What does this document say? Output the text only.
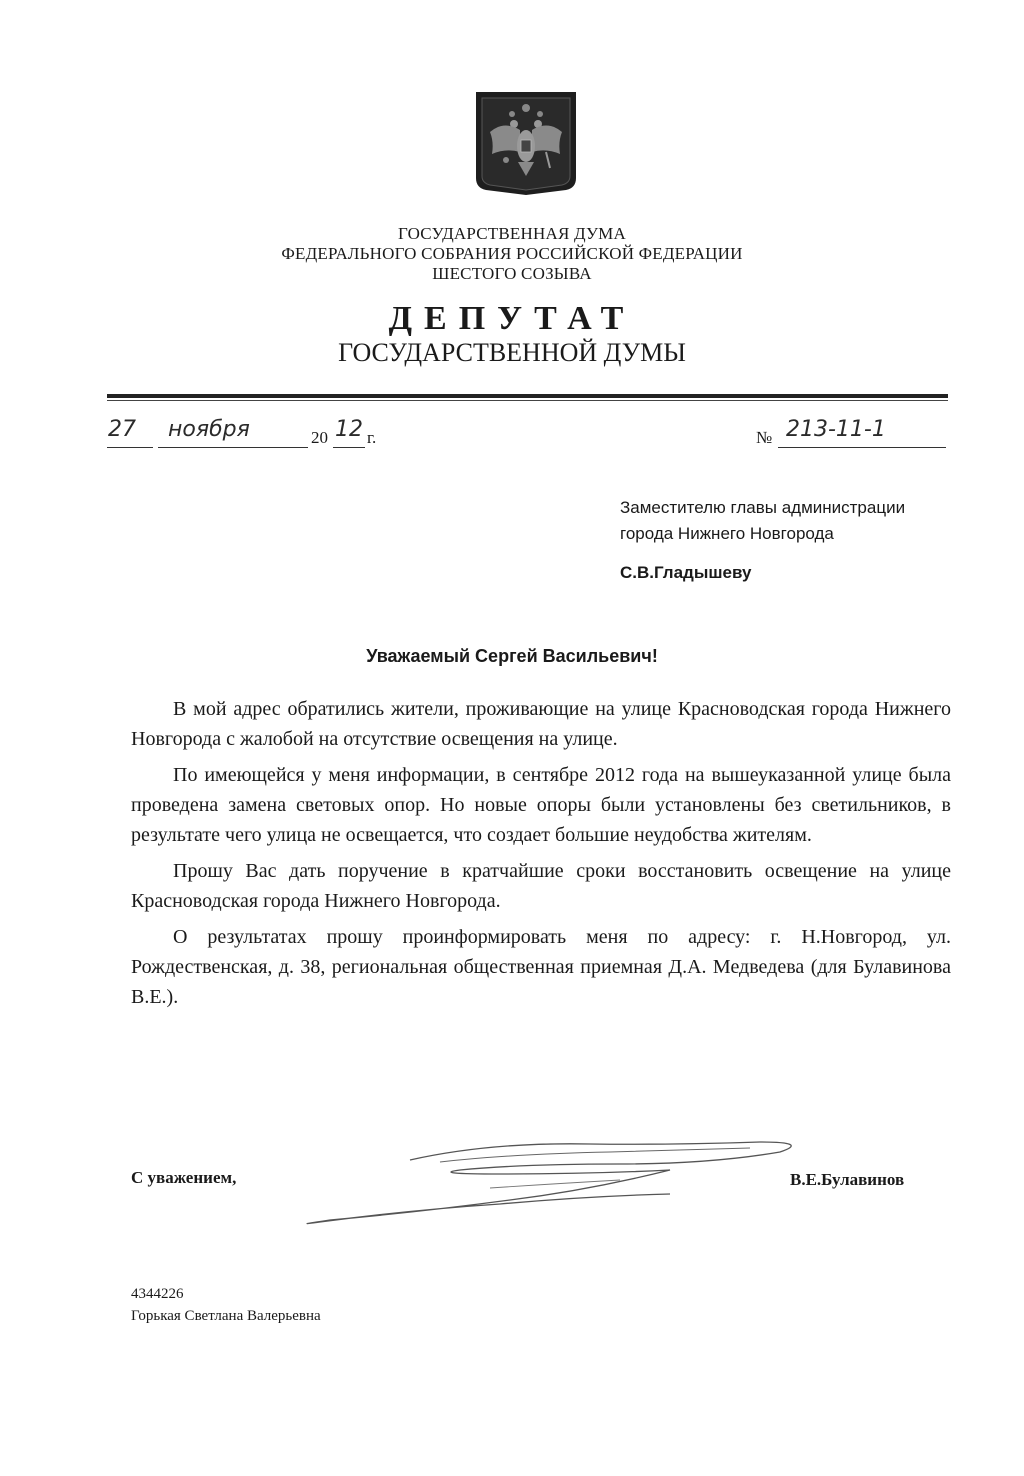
ГОСУДАРСТВЕННАЯ ДУМА
ФЕДЕРАЛЬНОГО СОБРАНИЯ РОССИЙСКОЙ ФЕДЕРАЦИИ
ШЕСТОГО СОЗЫВА
ДЕПУТАТ
ГОСУДАРСТВЕННОЙ ДУМЫ
27 ноября	20 12 г.	№ 213-11-1
Заместителю главы администрации
города Нижнего Новгорода
С.В.Гладышеву
Уважаемый Сергей Васильевич!

В мой адрес обратились жители, проживающие на улице Красноводская города Нижнего Новгорода с жалобой на отсутствие освещения на улице.

По имеющейся у меня информации, в сентябре 2012 года на вышеуказанной улице была проведена замена световых опор. Но новые опоры были установлены без светильников, в результате чего улица не освещается, что создает большие неудобства жителям.

Прошу Вас дать поручение в кратчайшие сроки восстановить освещение на улице Красноводская города Нижнего Новгорода.

О результатах прошу проинформировать меня по адресу: г. Н.Новгород, ул. Рождественская, д. 38, региональная общественная приемная Д.А. Медведева (для Булавинова В.Е.).

С уважением,	В.Е.Булавинов
4344226
Горькая Светлана Валерьевна
